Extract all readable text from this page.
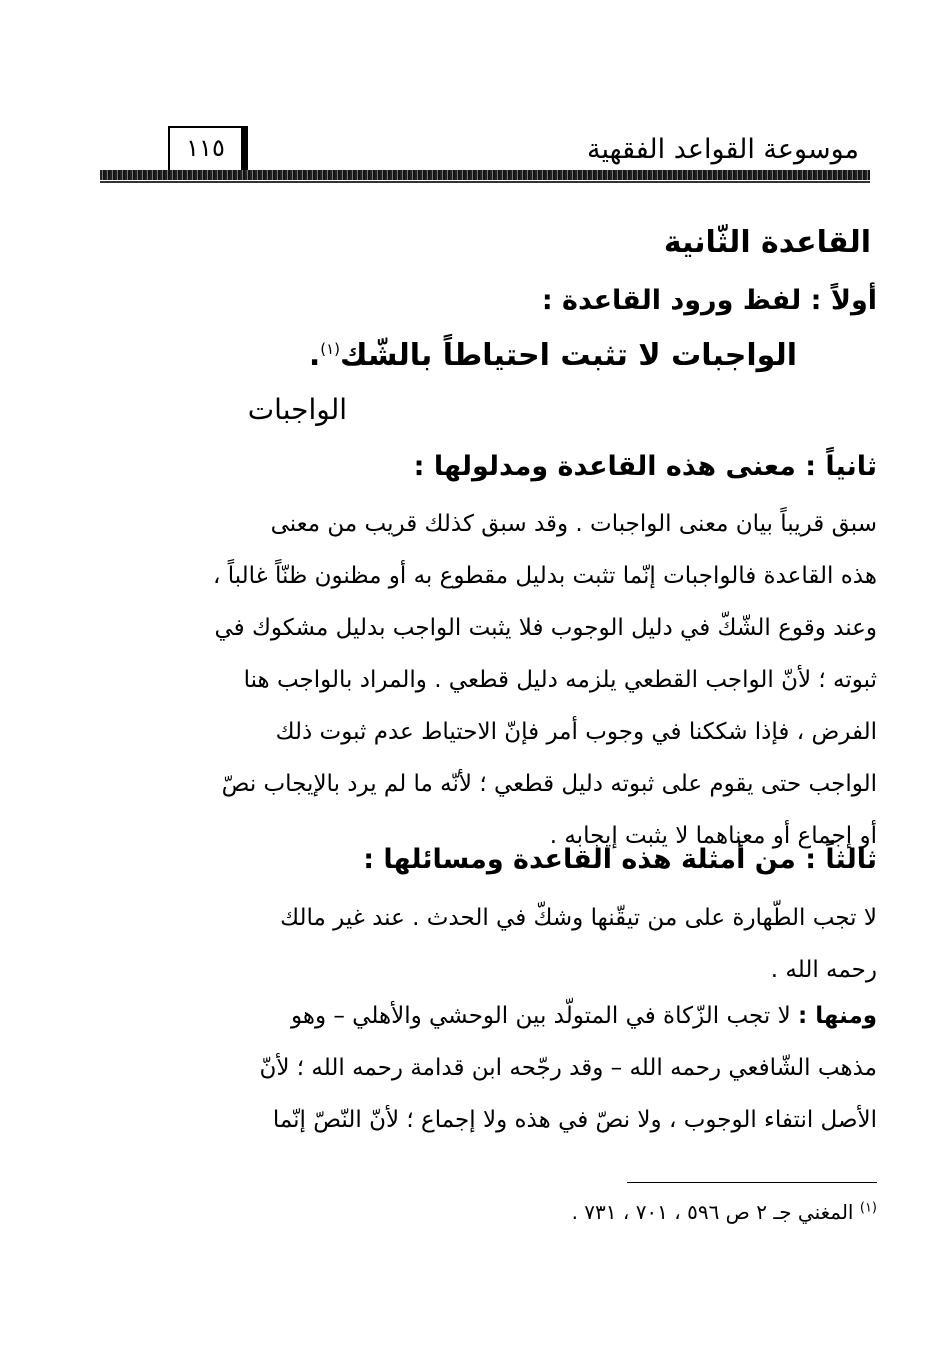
موسوعة القواعد الفقهية
١١٥
القاعدة الثّانية
أولاً : لفظ ورود القاعدة :
الواجبات لا تثبت احتياطاً بالشّك$^{(١)}$.
الواجبات
ثانياً : معنى هذه القاعدة ومدلولها :
سبق قريباً بيان معنى الواجبات . وقد سبق كذلك قريب من معنى
هذه القاعدة فالواجبات إنّما تثبت بدليل مقطوع به أو مظنون ظنّاً غالباً ،
وعند وقوع الشّكّ في دليل الوجوب فلا يثبت الواجب بدليل مشكوك في
ثبوته ؛ لأنّ الواجب القطعي يلزمه دليل قطعي . والمراد بالواجب هنا
الفرض ، فإذا شككنا في وجوب أمر فإنّ الاحتياط عدم ثبوت ذلك
الواجب حتى يقوم على ثبوته دليل قطعي ؛ لأنّه ما لم يرد بالإيجاب نصّ
أو إجماع أو معناهما لا يثبت إيجابه .
ثالثاً : من أمثلة هذه القاعدة ومسائلها :
لا تجب الطّهارة على من تيقّنها وشكّ في الحدث . عند غير مالك
رحمه الله .
ومنها : لا تجب الزّكاة في المتولّد بين الوحشي والأهلي – وهو
مذهب الشّافعي رحمه الله – وقد رجّحه ابن قدامة رحمه الله ؛ لأنّ
الأصل انتفاء الوجوب ، ولا نصّ في هذه ولا إجماع ؛ لأنّ النّصّ إنّما
$^{(١)}$ المغني جـ ٢ ص ٥٩٦ ، ٧٠١ ، ٧٣١ .
